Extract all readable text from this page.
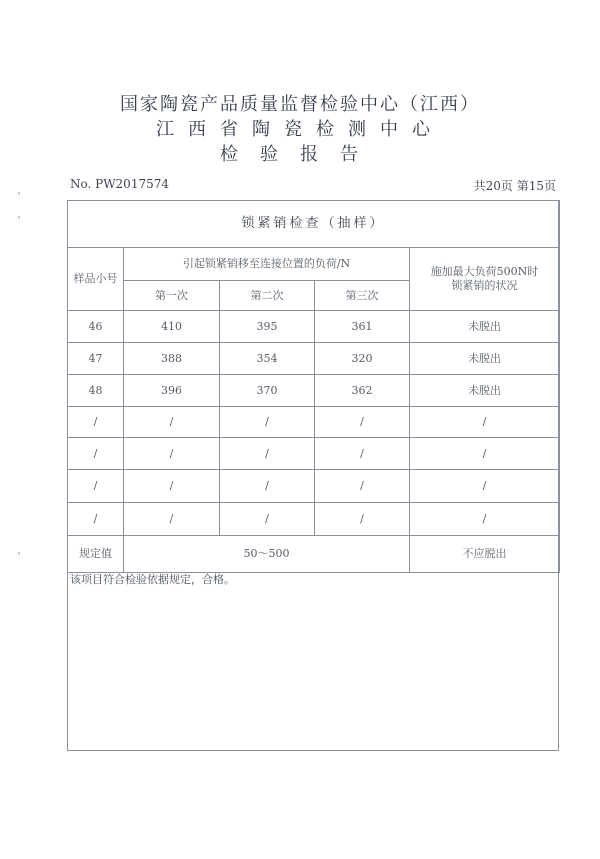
国家陶瓷产品质量监督检验中心（江西）
江西省陶瓷检测中心
检验报告
No. PW2017574	共20页 第15页
锁紧销检查（抽样）				
样品小号	引起锁紧销移至连接位置的负荷/N			施加最大负荷500N时锁紧销的状况
	第一次	第二次	第三次	
46	410	395	361	未脱出
47	388	354	320	未脱出
48	396	370	362	未脱出
/	/	/	/	/
/	/	/	/	/
/	/	/	/	/
/	/	/	/	/
规定值	50～500			不应脱出
该项目符合检验依据规定，合格。
